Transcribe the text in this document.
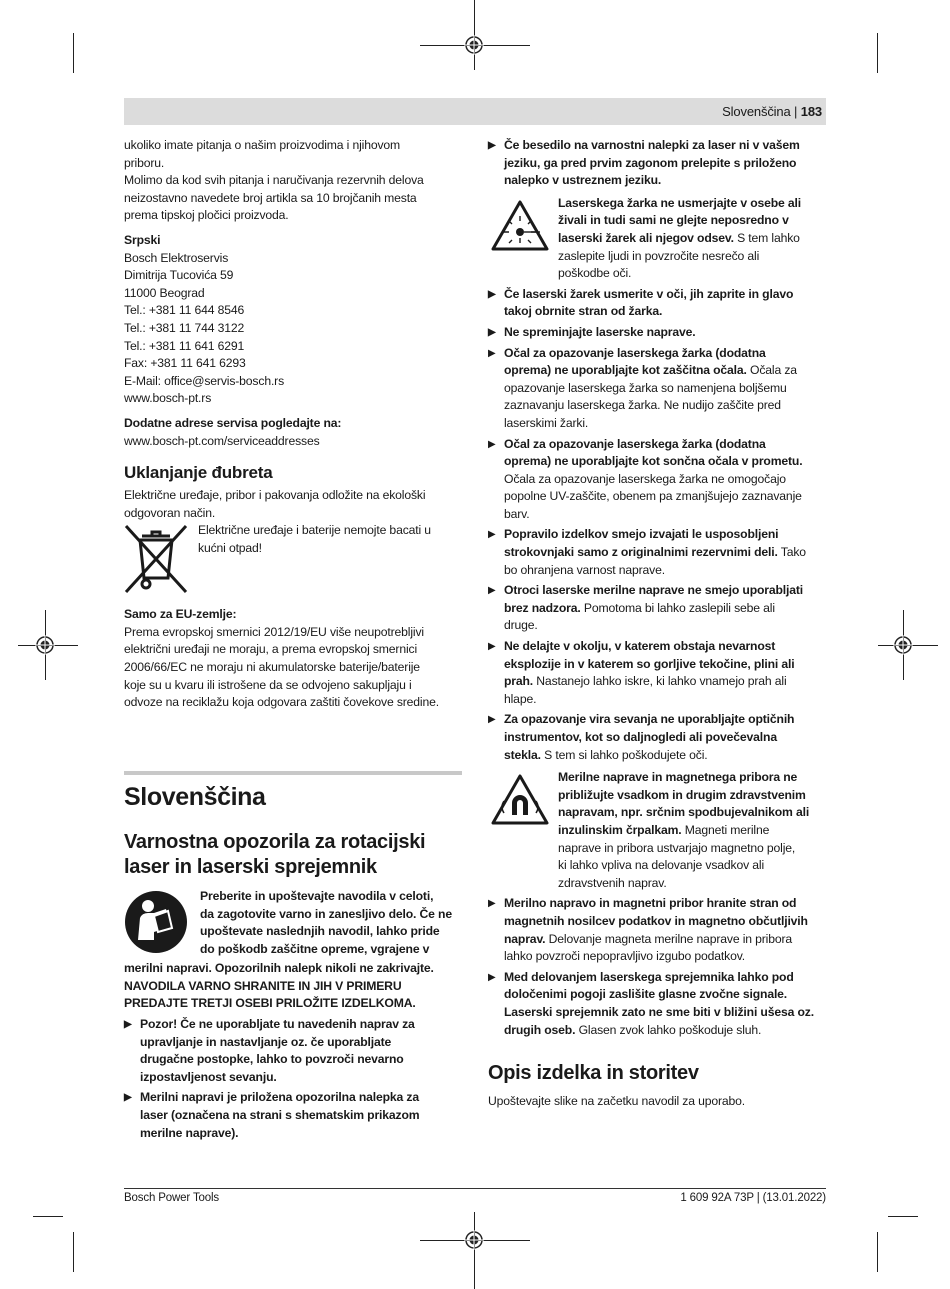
Slovenščina | 183
ukoliko imate pitanja o našim proizvodima i njihovom
priboru.
Molimo da kod svih pitanja i naručivanja rezervnih delova
neizostavno navedete broj artikla sa 10 brojčanih mesta
prema tipskoj pločici proizvoda.
Srpski
Bosch Elektroservis
Dimitrija Tucovića 59
11000 Beograd
Tel.: +381 11 644 8546
Tel.: +381 11 744 3122
Tel.: +381 11 641 6291
Fax: +381 11 641 6293
E-Mail: office@servis-bosch.rs
www.bosch-pt.rs
Dodatne adrese servisa pogledajte na:
www.bosch-pt.com/serviceaddresses
Uklanjanje đubreta
Električne uređaje, pribor i pakovanja odložite na ekološki
odgovoran način.
Električne uređaje i baterije nemojte bacati u
kućni otpad!
Samo za EU-zemlje:
Prema evropskoj smernici 2012/19/EU više neupotrebljivi
električni uređaji ne moraju, a prema evropskoj smernici
2006/66/EC ne moraju ni akumulatorske baterije/baterije
koje su u kvaru ili istrošene da se odvojeno sakupljaju i
odvoze na reciklažu koja odgovara zaštiti čovekove sredine.
Slovenščina
Varnostna opozorila za rotacijski
laser in laserski sprejemnik
Preberite in upoštevajte navodila v celoti,
da zagotovite varno in zanesljivo delo. Če ne
upoštevate naslednjih navodil, lahko pride
do poškodb zaščitne opreme, vgrajene v
merilni napravi. Opozorilnih nalepk nikoli ne zakrivajte.
NAVODILA VARNO SHRANITE IN JIH V PRIMERU
PREDAJTE TRETJI OSEBI PRILOŽITE IZDELKOMA.
▶ Pozor! Če ne uporabljate tu navedenih naprav za
upravljanje in nastavljanje oz. če uporabljate
drugačne postopke, lahko to povzroči nevarno
izpostavljenost sevanju.
▶ Merilni napravi je priložena opozorilna nalepka za
laser (označena na strani s shematskim prikazom
merilne naprave).
▶ Če besedilo na varnostni nalepki za laser ni v vašem
jeziku, ga pred prvim zagonom prelepite s priloženo
nalepko v ustreznem jeziku.
Laserskega žarka ne usmerjajte v osebe ali
živali in tudi sami ne glejte neposredno v
laserski žarek ali njegov odsev. S tem lahko
zaslepite ljudi in povzročite nesrečo ali
poškodbe oči.
▶ Če laserski žarek usmerite v oči, jih zaprite in glavo
takoj obrnite stran od žarka.
▶ Ne spreminjajte laserske naprave.
▶ Očal za opazovanje laserskega žarka (dodatna
oprema) ne uporabljajte kot zaščitna očala. Očala za
opazovanje laserskega žarka so namenjena boljšemu
zaznavanju laserskega žarka. Ne nudijo zaščite pred
laserskimi žarki.
▶ Očal za opazovanje laserskega žarka (dodatna
oprema) ne uporabljajte kot sončna očala v prometu.
Očala za opazovanje laserskega žarka ne omogočajo
popolne UV-zaščite, obenem pa zmanjšujejo zaznavanje
barv.
▶ Popravilo izdelkov smejo izvajati le usposobljeni
strokovnjaki samo z originalnimi rezervnimi deli. Tako
bo ohranjena varnost naprave.
▶ Otroci laserske merilne naprave ne smejo uporabljati
brez nadzora. Pomotoma bi lahko zaslepili sebe ali
druge.
▶ Ne delajte v okolju, v katerem obstaja nevarnost
eksplozije in v katerem so gorljive tekočine, plini ali
prah. Nastanejo lahko iskre, ki lahko vnamejo prah ali
hlape.
▶ Za opazovanje vira sevanja ne uporabljajte optičnih
instrumentov, kot so daljnogledi ali povečevalna
stekla. S tem si lahko poškodujete oči.
Merilne naprave in magnetnega pribora ne
približujte vsadkom in drugim zdravstvenim
napravam, npr. srčnim spodbujevalnikom ali
inzulinskim črpalkam. Magneti merilne
naprave in pribora ustvarjajo magnetno polje,
ki lahko vpliva na delovanje vsadkov ali
zdravstvenih naprav.
▶ Merilno napravo in magnetni pribor hranite stran od
magnetnih nosilcev podatkov in magnetno občutljivih
naprav. Delovanje magneta merilne naprave in pribora
lahko povzroči nepopravljivo izgubo podatkov.
▶ Med delovanjem laserskega sprejemnika lahko pod
določenimi pogoji zaslišite glasne zvočne signale.
Laserski sprejemnik zato ne sme biti v bližini ušesa oz.
drugih oseb. Glasen zvok lahko poškoduje sluh.
Opis izdelka in storitev
Upoštevajte slike na začetku navodil za uporabo.
Bosch Power Tools	1 609 92A 73P | (13.01.2022)
